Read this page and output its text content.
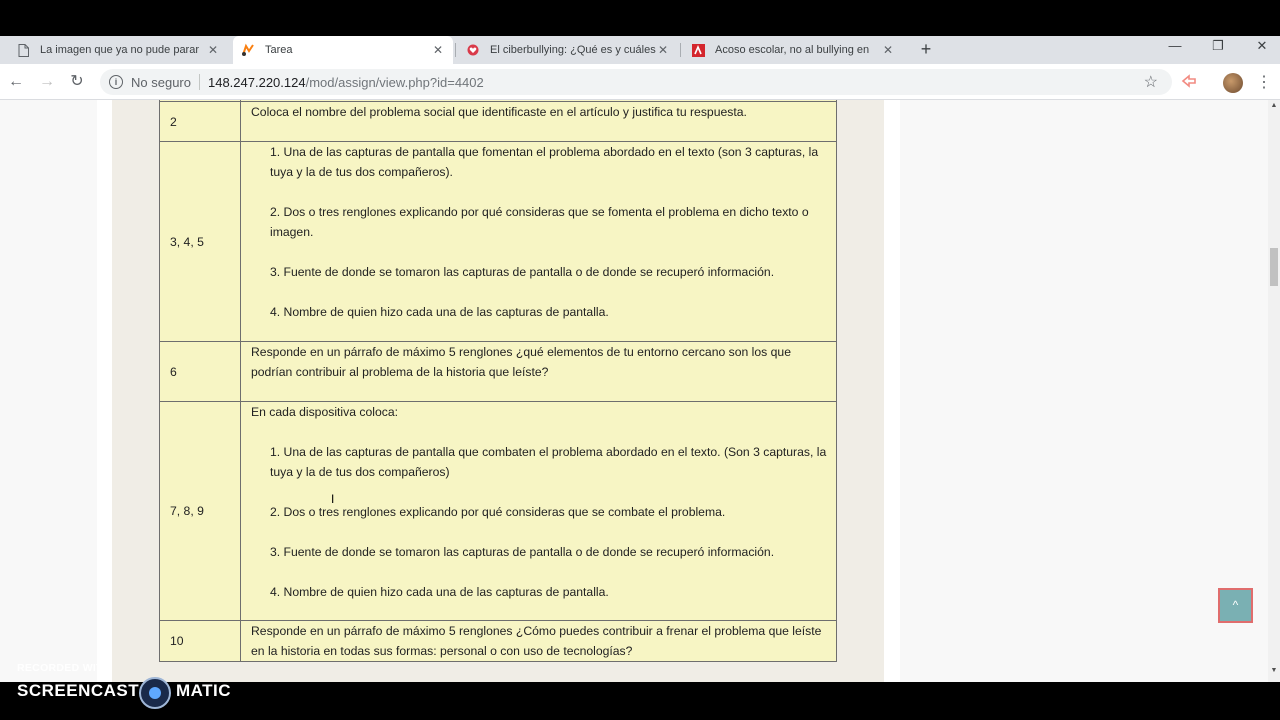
La imagen que ya no pude parar ✕	Tarea	✕	El ciberbullying: ¿Qué es y cuáles ✕	Acoso escolar, no al bullying en	✕ +	—	❐	✕
← → ↻	i	No seguro 148.247.220.124 /mod/assign/view.php?id=4402	☆	⋮

2	Coloca el nombre del problema social que identificaste en el artículo y justifica tu respuesta.

3, 4, 5	1. Una de las capturas de pantalla que fomentan el problema abordado en el texto (son 3 capturas, la tuya y la de tus dos compañeros).
2. Dos o tres renglones explicando por qué consideras que se fomenta el problema en dicho texto o imagen.
3. Fuente de donde se tomaron las capturas de pantalla o de donde se recuperó información.
4. Nombre de quien hizo cada una de las capturas de pantalla.

6	Responde en un párrafo de máximo 5 renglones ¿qué elementos de tu entorno cercano son los que podrían contribuir al problema de la historia que leíste?

7, 8, 9	En cada dispositiva coloca:
1. Una de las capturas de pantalla que combaten el problema abordado en el texto. (Son 3 capturas, la tuya y la de tus dos compañeros)
2. Dos o tres renglones explicando por qué consideras que se combate el problema.
3. Fuente de donde se tomaron las capturas de pantalla o de donde se recuperó información.
4. Nombre de quien hizo cada una de las capturas de pantalla.

10	Responde en un párrafo de máximo 5 renglones ¿Cómo puedes contribuir a frenar el problema que leíste en la historia en todas sus formas: personal o con uso de tecnologías?
▲
▼
^
I
RECORDED WITH
SCREENCAST MATIC
